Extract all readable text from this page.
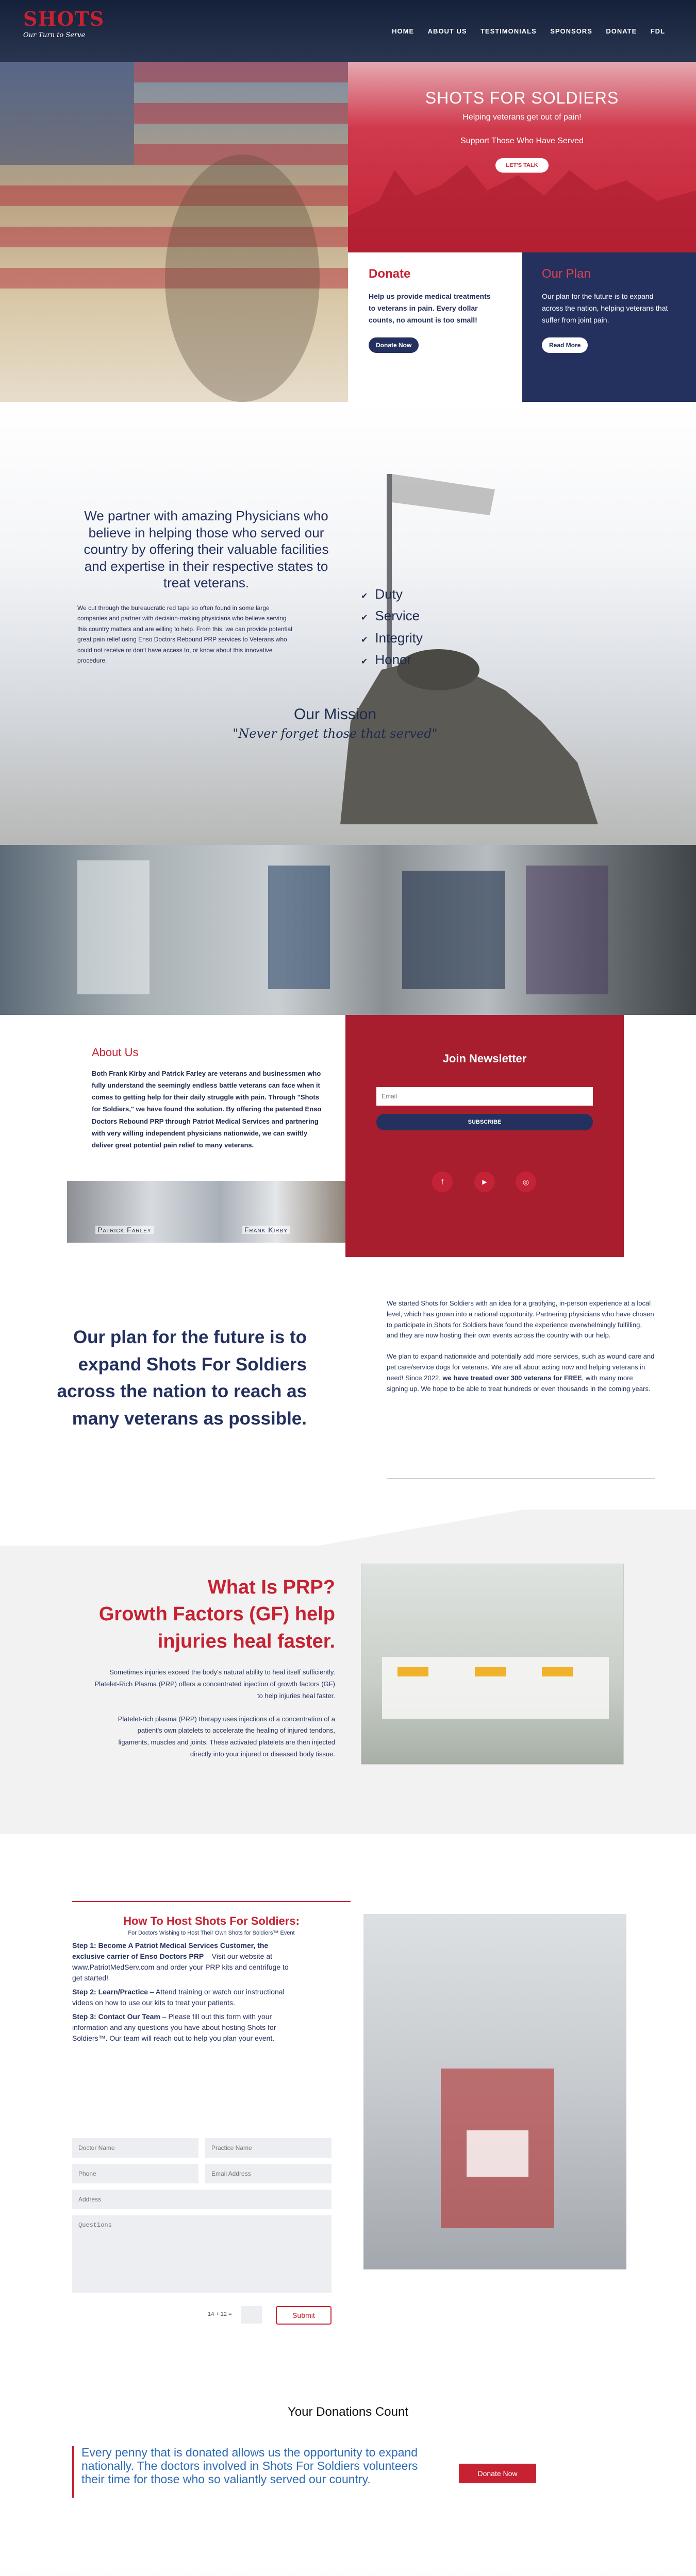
SHOTS
Our Turn to Serve
HOME ABOUT US TESTIMONIALS SPONSORS DONATE FDL
SHOTS FOR SOLDIERS
Helping veterans get out of pain!
Support Those Who Have Served
LET'S TALK
Donate
Help us provide medical treatments to veterans in pain. Every dollar counts, no amount is too small!
Donate Now
Our Plan
Our plan for the future is to expand across the nation, helping veterans that suffer from joint pain.
Read More
We partner with amazing Physicians who believe in helping those who served our country by offering their valuable facilities and expertise in their respective states to treat veterans.
We cut through the bureaucratic red tape so often found in some large companies and partner with decision-making physicians who believe serving this country matters and are willing to help. From this, we can provide potential great pain relief using Enso Doctors Rebound PRP services to Veterans who could not receive or don't have access to, or know about this innovative procedure.
✔ Duty
✔ Service
✔ Integrity
✔ Honor
Our Mission
"Never forget those that served"
About Us
Both Frank Kirby and Patrick Farley are veterans and businessmen who fully understand the seemingly endless battle veterans can face when it comes to getting help for their daily struggle with pain. Through "Shots for Soldiers," we have found the solution. By offering the patented Enso Doctors Rebound PRP through Patriot Medical Services and partnering with very willing independent physicians nationwide, we can swiftly deliver great potential pain relief to many veterans.
Patrick Farley	Frank Kirby
Join Newsletter
Email
SUBSCRIBE
f	▶	◎
Our plan for the future is to expand Shots For Soldiers across the nation to reach as many veterans as possible.

We started Shots for Soldiers with an idea for a gratifying, in-person experience at a local level, which has grown into a national opportunity. Partnering physicians who have chosen to participate in Shots for Soldiers have found the experience overwhelmingly fulfilling, and they are now hosting their own events across the country with our help.

We plan to expand nationwide and potentially add more services, such as wound care and pet care/service dogs for veterans. We are all about acting now and helping veterans in need! Since 2022, we have treated over 300 veterans for FREE, with many more signing up. We hope to be able to treat hundreds or even thousands in the coming years.

What Is PRP?
Growth Factors (GF) help injuries heal faster.
Sometimes injuries exceed the body's natural ability to heal itself sufficiently. Platelet-Rich Plasma (PRP) offers a concentrated injection of growth factors (GF) to help injuries heal faster.
Platelet-rich plasma (PRP) therapy uses injections of a concentration of a patient's own platelets to accelerate the healing of injured tendons, ligaments, muscles and joints. These activated platelets are then injected directly into your injured or diseased body tissue.
How To Host Shots For Soldiers:
For Doctors Wishing to Host Their Own Shots for Soldiers™ Event

Step 1: Become A Patriot Medical Services Customer, the exclusive carrier of Enso Doctors PRP – Visit our website at www.PatriotMedServ.com and order your PRP kits and centrifuge to get started!

Step 2: Learn/Practice – Attend training or watch our instructional videos on how to use our kits to treat your patients.

Step 3: Contact Our Team – Please fill out this form with your information and any questions you have about hosting Shots for Soldiers™. Our team will reach out to help you plan your event.

Doctor Name
Practice Name
Phone
Email Address
Address
Questions
14 + 12 =	Submit
Your Donations Count
Every penny that is donated allows us the opportunity to expand nationally. The doctors involved in Shots For Soldiers volunteers their time for those who so valiantly served our country.	Donate Now
